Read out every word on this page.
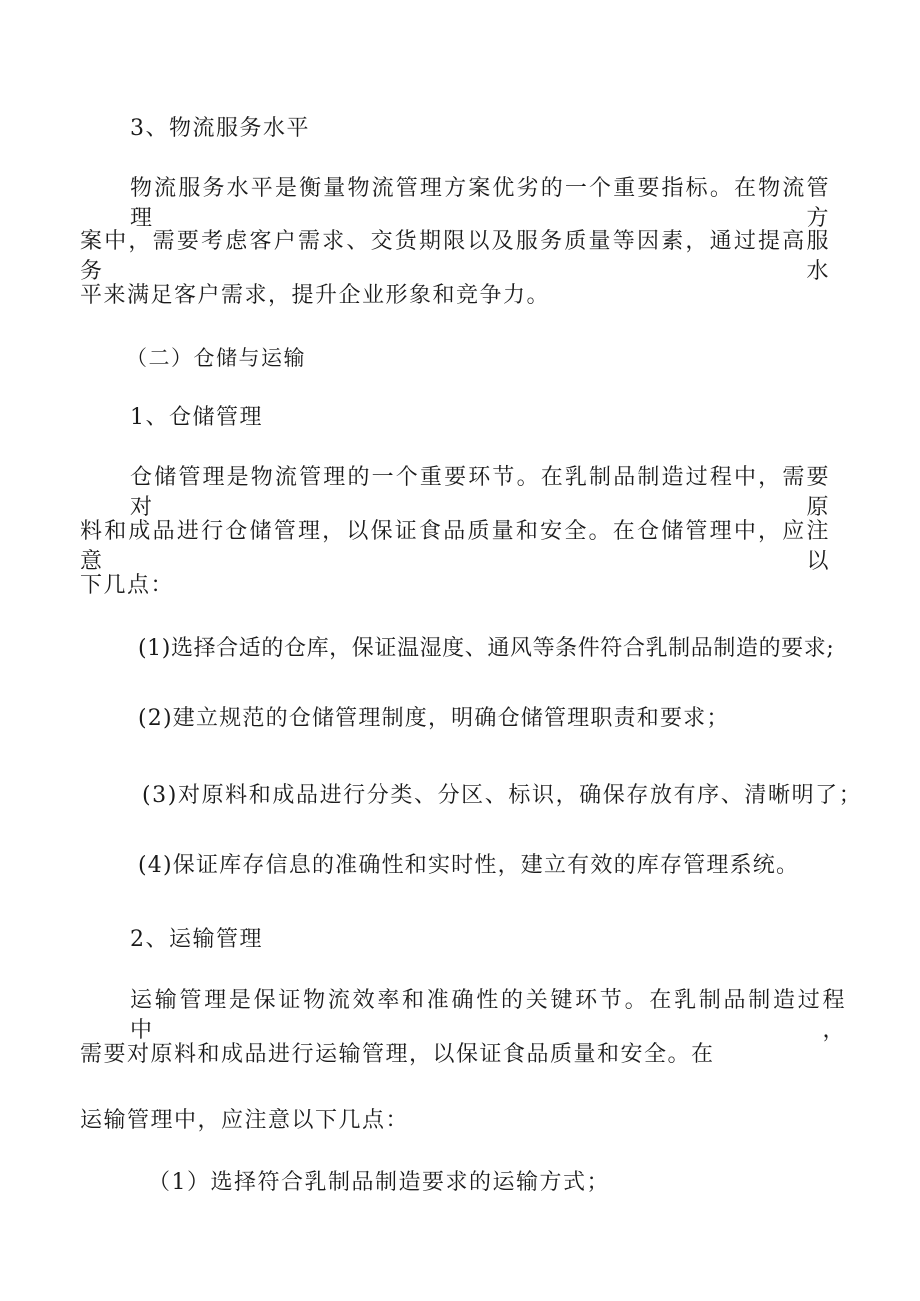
3、物流服务水平
物流服务水平是衡量物流管理方案优劣的一个重要指标。在物流管理方
案中，需要考虑客户需求、交货期限以及服务质量等因素，通过提高服务水
平来满足客户需求，提升企业形象和竞争力。
（二）仓储与运输
1、仓储管理
仓储管理是物流管理的一个重要环节。在乳制品制造过程中，需要对原
料和成品进行仓储管理，以保证食品质量和安全。在仓储管理中，应注意以
下几点：
(1)选择合适的仓库，保证温湿度、通风等条件符合乳制品制造的要求;
(2)建立规范的仓储管理制度，明确仓储管理职责和要求；
(3)对原料和成品进行分类、分区、标识，确保存放有序、清晰明了；
(4)保证库存信息的准确性和实时性，建立有效的库存管理系统。
2、运输管理
运输管理是保证物流效率和准确性的关键环节。在乳制品制造过程中，
需要对原料和成品进行运输管理，以保证食品质量和安全。在
运输管理中，应注意以下几点：
（1）选择符合乳制品制造要求的运输方式；
